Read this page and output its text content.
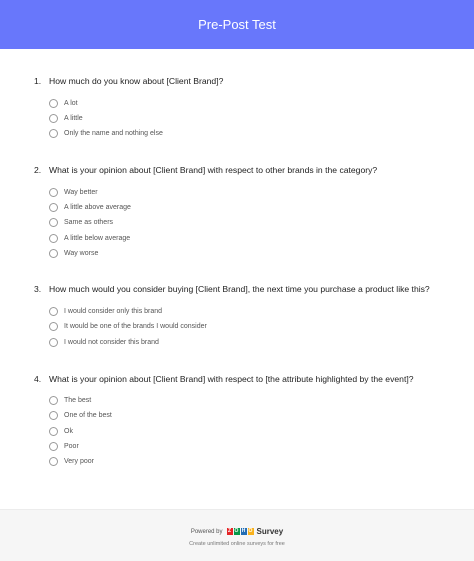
Pre-Post Test
1. How much do you know about [Client Brand]?
A lot
A little
Only the name and nothing else
2. What is your opinion about [Client Brand] with respect to other brands in the category?
Way better
A little above average
Same as others
A little below average
Way worse
3. How much would you consider buying [Client Brand], the next time you purchase a product like this?
I would consider only this brand
It would be one of the brands I would consider
I would not consider this brand
4. What is your opinion about [Client Brand] with respect to [the attribute highlighted by the event]?
The best
One of the best
Ok
Poor
Very poor
Powered by Z O H O Survey
Create unlimited online surveys for free
